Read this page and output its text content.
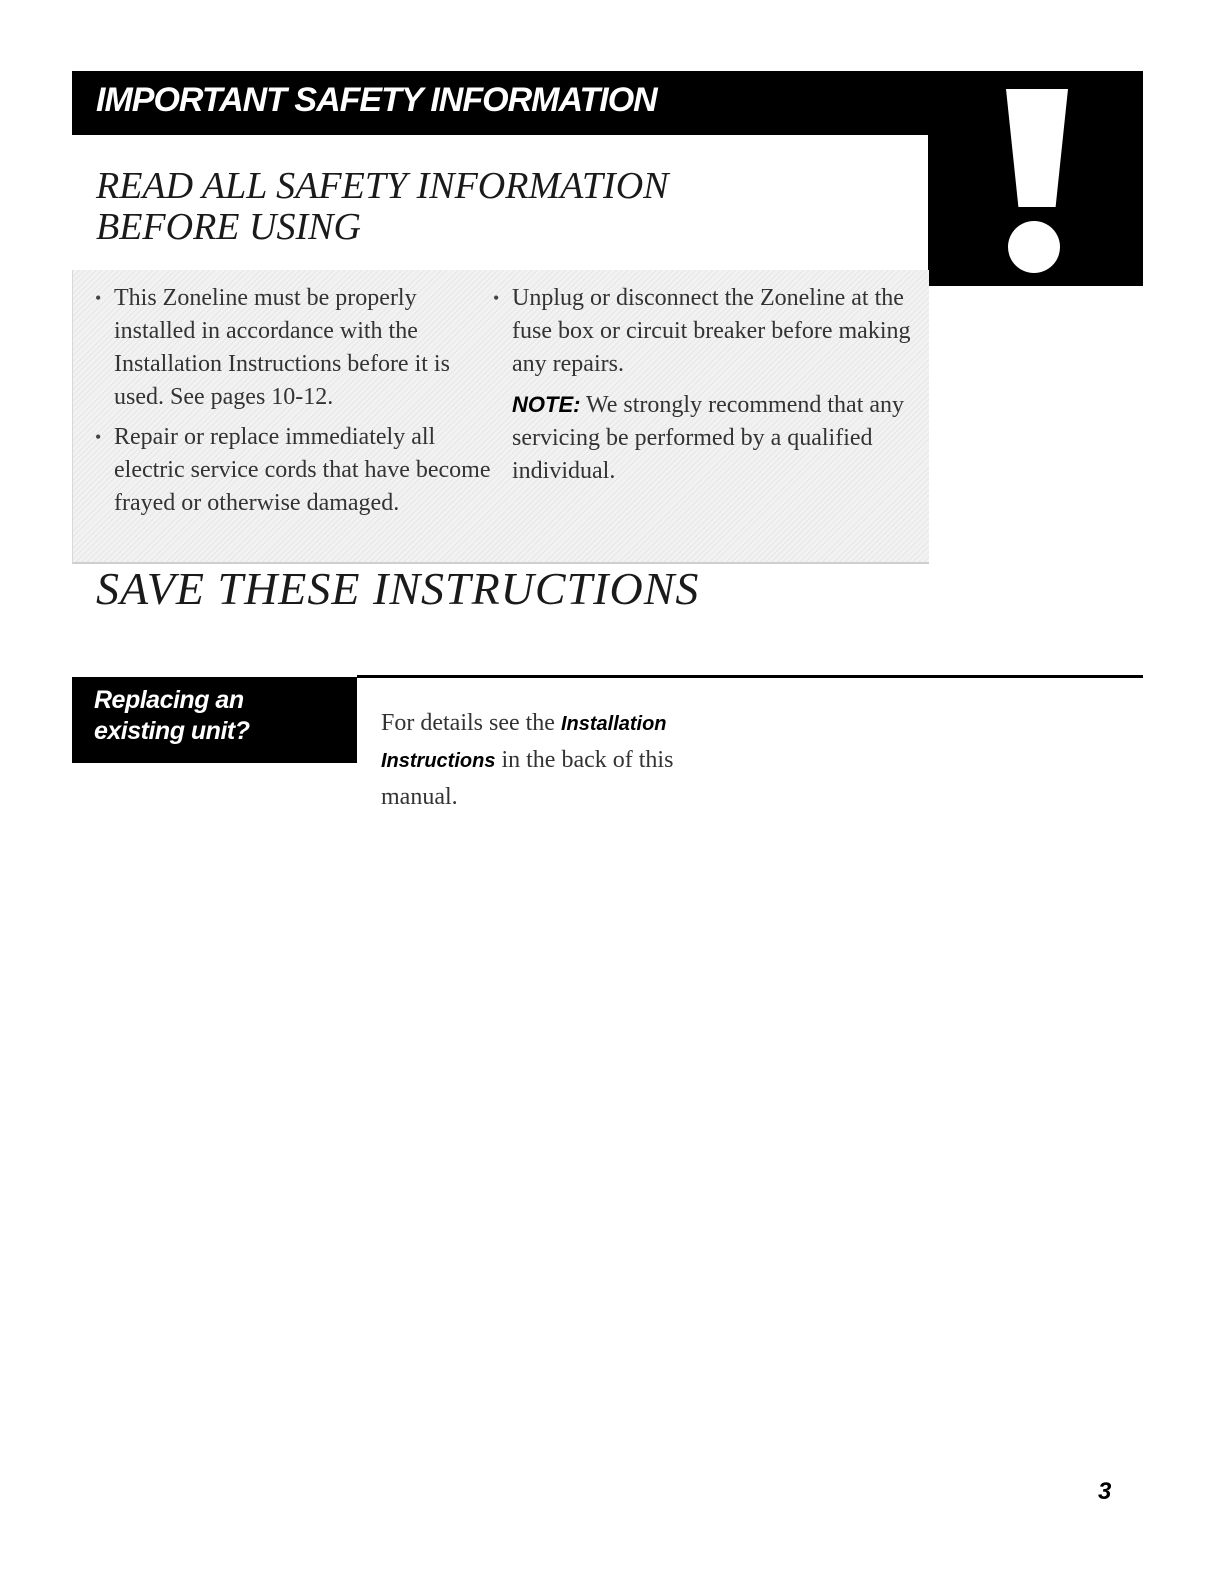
IMPORTANT SAFETY INFORMATION
READ ALL SAFETY INFORMATION
BEFORE USING

• This Zoneline must be properly installed in accordance with the Installation Instructions before it is used. See pages 10-12.

• Repair or replace immediately all electric service cords that have become frayed or otherwise damaged.

• Unplug or disconnect the Zoneline at the fuse box or circuit breaker before making any repairs.

NOTE: We strongly recommend that any servicing be performed by a qualified individual.

SAVE THESE INSTRUCTIONS

Replacing an
existing unit?	For details see the Installation Instructions in the back of this manual.

3
